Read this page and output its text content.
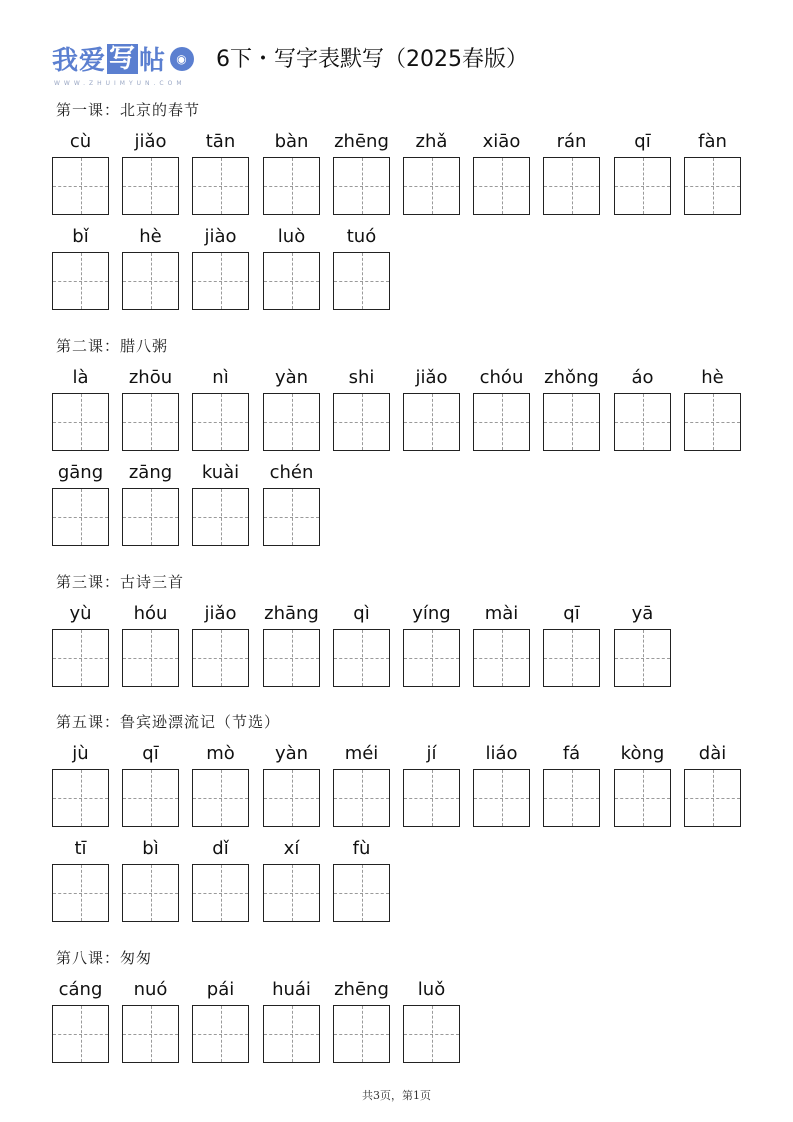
我爱 写 帖 ◉
WWW.ZHUIMYUN.COM
6下・写字表默写（2025春版）
第一课：北京的春节
cù	jiǎo	tān	bàn	zhēng	zhǎ	xiāo	rán	qī	fàn
bǐ	hè	jiào	luò	tuó
第二课：腊八粥
là	zhōu	nì	yàn	shi	jiǎo	chóu	zhǒng	áo	hè
gāng	zāng	kuài	chén
第三课：古诗三首
yù	hóu	jiǎo	zhāng	qì	yíng	mài	qī	yā
第五课：鲁宾逊漂流记（节选）
jù	qī	mò	yàn	méi	jí	liáo	fá	kòng	dài
tī	bì	dǐ	xí	fù
第八课：匆匆
cáng	nuó	pái	huái	zhēng	luǒ
共3页，第1页
